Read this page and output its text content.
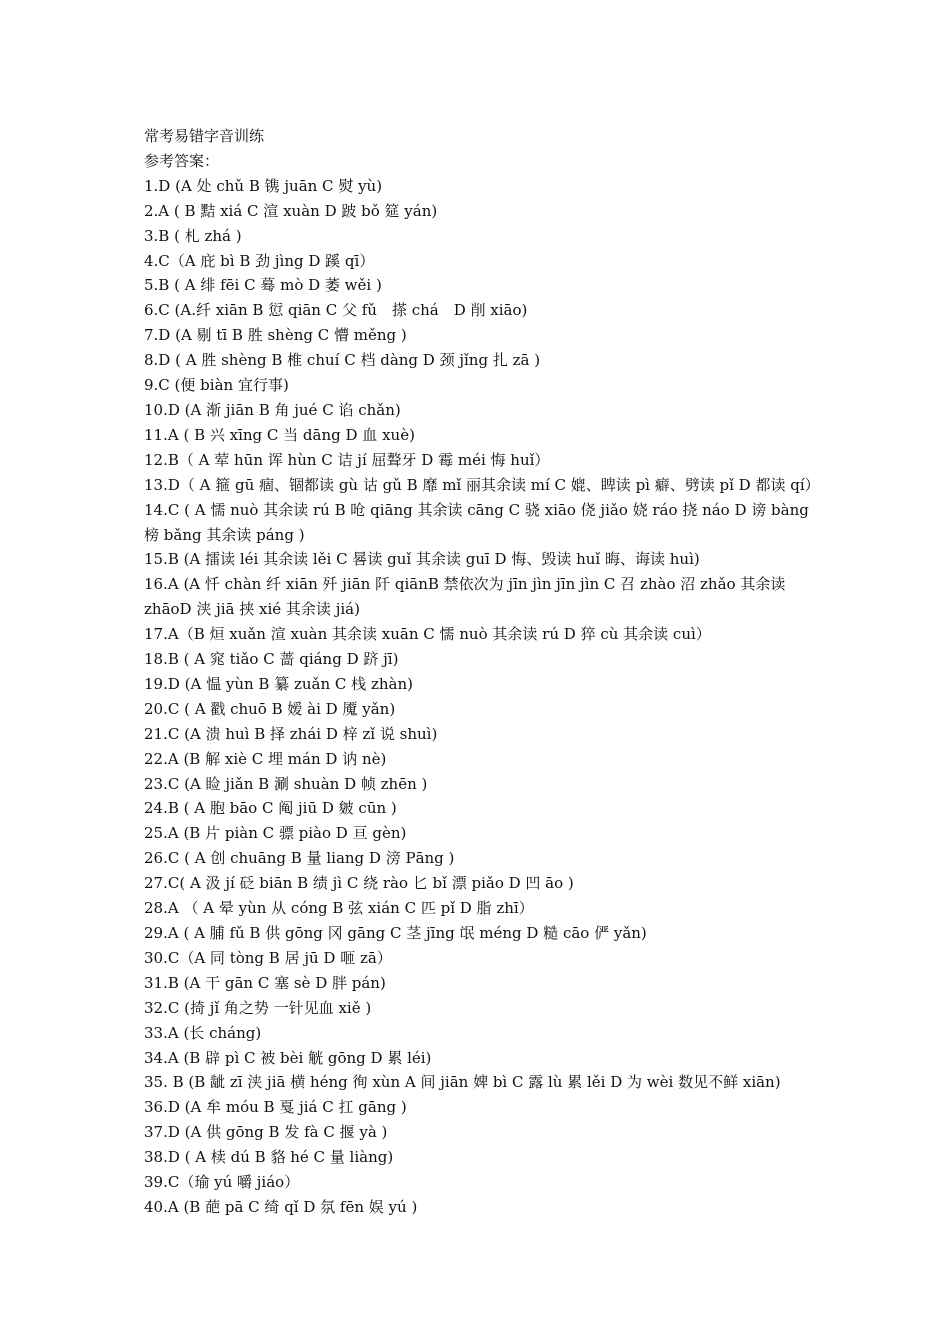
常考易错字音训练
参考答案：
1.D (A 处 chǔ B 镌 juān C 熨 yù)
2.A ( B 黠 xiá C 渲 xuàn D 跛 bǒ 筵 yán)
3.B ( 札 zhá )
4.C（A 庇 bì B 劲 jìng D 蹊 qī）
5.B ( A 绯 fēi C 蓦 mò D 萎 wěi )
6.C (A.纤 xiān B 愆 qiān C 父 fǔ　搽 chá　D 削 xiāo)
7.D (A 剔 tī B 胜 shèng C 懵 měng )
8.D ( A 胜 shèng B 椎 chuí C 档 dàng D 颈 jǐng 扎 zā )
9.C (便 biàn 宜行事)
10.D (A 渐 jiān B 角 jué C 谄 chǎn)
11.A ( B 兴 xīng C 当 dāng D 血 xuè)
12.B（ A 荤 hūn 诨 hùn C 诘 jí 屈聱牙 D 霉 méi 悔 huǐ）
13.D（ A 箍 gū 痼、锢都读 gù 诂 gǔ B 靡 mǐ 丽其余读 mí C 媲、睥读 pì 癖、劈读 pǐ D 都读 qí）
14.C ( A 懦 nuò 其余读 rú B 呛 qiāng 其余读 cāng C 骁 xiāo 侥 jiǎo 娆 ráo 挠 náo D 谤 bàng 榜 bǎng 其余读 páng )
15.B (A 擂读 léi 其余读 lěi C 晷读 guǐ 其余读 guī D 悔、毁读 huǐ 晦、诲读 huì)
16.A (A 忏 chàn 纤 xiān 歼 jiān 阡 qiānB 禁依次为 jīn jìn jīn jìn C 召 zhào 沼 zhǎo 其余读 zhāoD 浃 jiā 挟 xié 其余读 jiá)
17.A（B 烜 xuǎn 渲 xuàn 其余读 xuān C 懦 nuò 其余读 rú D 猝 cù 其余读 cuì）
18.B ( A 窕 tiǎo C 蔷 qiáng D 跻 jī)
19.D (A 愠 yùn B 纂 zuǎn C 栈 zhàn)
20.C ( A 戳 chuō B 嫒 ài D 魇 yǎn)
21.C (A 溃 huì B 择 zhái D 梓 zǐ 说 shuì)
22.A (B 解 xiè C 埋 mán D 讷 nè)
23.C (A 睑 jiǎn B 涮 shuàn D 帧 zhēn )
24.B ( A 胞 bāo C 阄 jiū D 皴 cūn )
25.A (B 片 piàn C 骠 piào D 亘 gèn)
26.C ( A 创 chuāng B 量 liang D 滂 Pāng )
27.C( A 汲 jí 砭 biān B 绩 jì C 绕 rào 匕 bǐ 漂 piǎo D 凹 āo )
28.A （ A 晕 yùn 从 cóng B 弦 xián C 匹 pǐ D 脂 zhī）
29.A ( A 脯 fǔ B 供 gōng 冈 gāng C 茎 jīng 氓 méng D 糙 cāo 俨 yǎn)
30.C（A 同 tòng B 居 jū D 咂 zā）
31.B (A 干 gān C 塞 sè D 胖 pán)
32.C (掎 jǐ 角之势 一针见血 xiě )
33.A (长 cháng)
34.A (B 辟 pì C 被 bèi 觥 gōng D 累 léi)
35. B (B 龇 zī 浃 jiā 横 héng 徇 xùn A 间 jiān 婢 bì C 露 lù 累 lěi D 为 wèi 数见不鲜 xiān)
36.D (A 牟 móu B 戛 jiá C 扛 gāng )
37.D (A 供 gōng B 发 fà C 揠 yà )
38.D ( A 椟 dú B 貉 hé C 量 liàng)
39.C（瑜 yú 嚼 jiáo）
40.A (B 葩 pā C 绮 qǐ D 氛 fēn 娱 yú )
